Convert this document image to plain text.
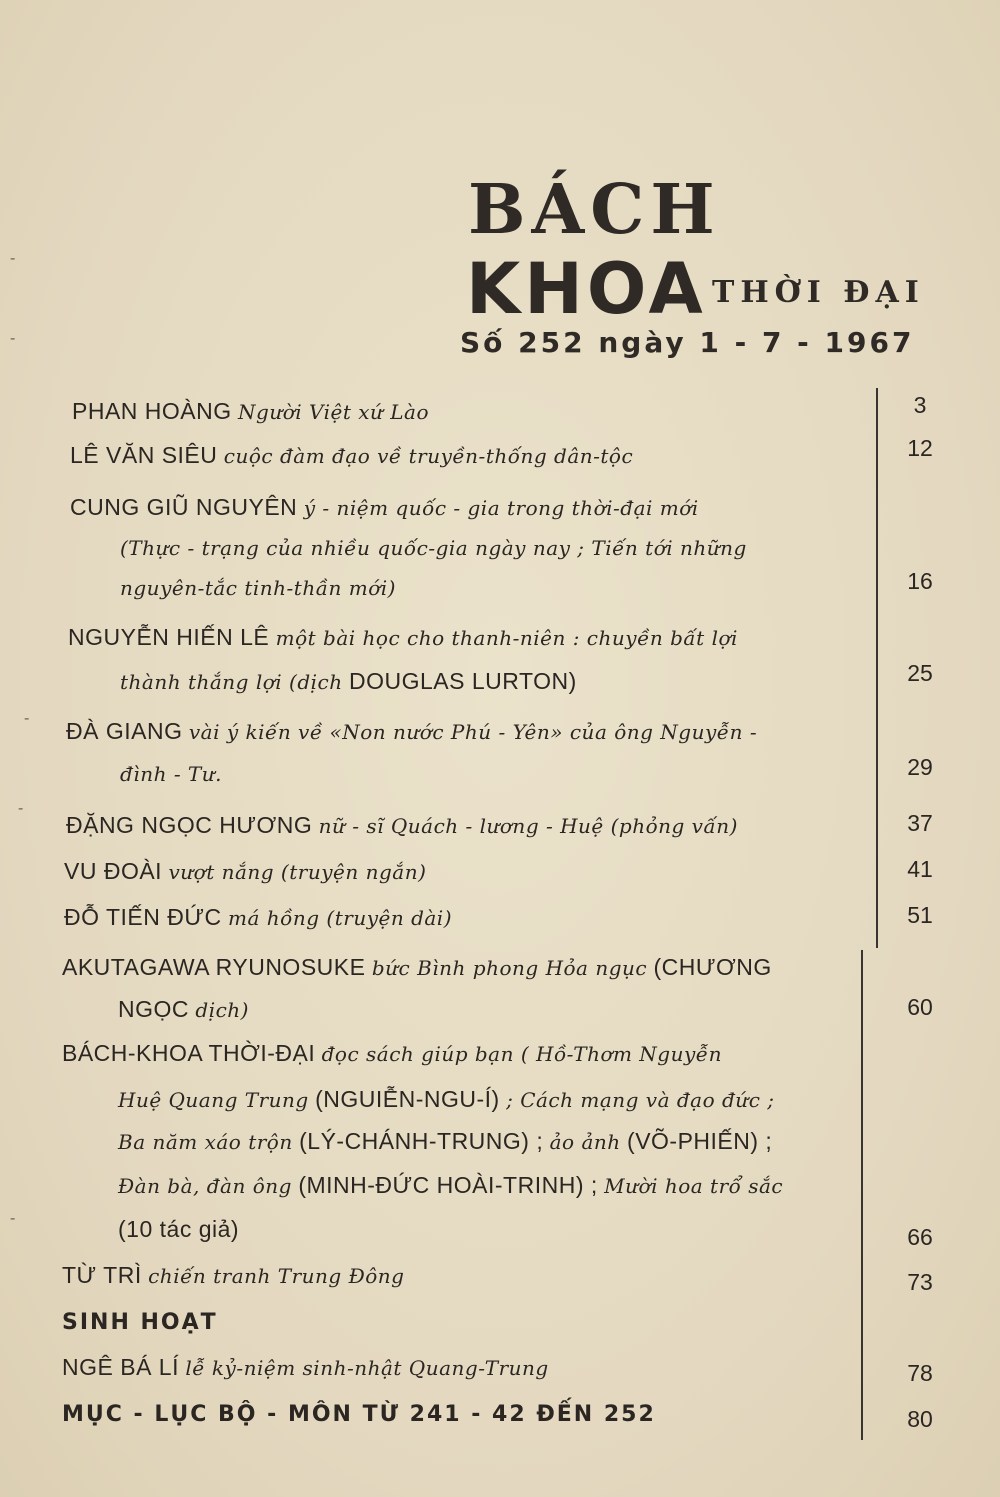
BÁCH
KHOA THỜI ĐẠI
Số 252 ngày 1 - 7 - 1967
PHAN HOÀNG Người Việt xứ Lào	3
LÊ VĂN SIÊU cuộc đàm đạo về truyền-thống dân-tộc	12
CUNG GIŨ NGUYÊN ý - niệm quốc - gia trong thời-đại mới
(Thực - trạng của nhiều quốc-gia ngày nay ; Tiến tới những
nguyên-tắc tinh-thần mới)	16
NGUYỄN HIẾN LÊ một bài học cho thanh-niên : chuyền bất lợi
thành thắng lợi (dịch DOUGLAS LURTON)	25
ĐÀ GIANG vài ý kiến về «Non nước Phú - Yên» của ông Nguyễn -
đình - Tư.	29
ĐẶNG NGỌC HƯƠNG nữ - sĩ Quách - lương - Huệ (phỏng vấn)	37
VU ĐOÀI vượt nắng (truyện ngắn)	41
ĐỖ TIẾN ĐỨC má hồng (truyện dài)	51
AKUTAGAWA RYUNOSUKE bức Bình phong Hỏa ngục (CHƯƠNG
NGỌC dịch)	60
BÁCH-KHOA THỜI-ĐẠI đọc sách giúp bạn ( Hồ-Thơm Nguyễn
Huệ Quang Trung (NGUIỄN-NGU-Í) ; Cách mạng và đạo đức ;
Ba năm xáo trộn (LÝ-CHÁNH-TRUNG) ; ảo ảnh (VÕ-PHIẾN) ;
Đàn bà, đàn ông (MINH-ĐỨC HOÀI-TRINH) ; Mười hoa trổ sắc
(10 tác giả)	66
TỪ TRÌ chiến tranh Trung Đông	73
SINH HOẠT
NGÊ BÁ LÍ lễ kỷ-niệm sinh-nhật Quang-Trung	78
MỤC - LỤC BỘ - MÔN TỪ 241 - 42 ĐẾN 252	80
-
-
-
-
-
